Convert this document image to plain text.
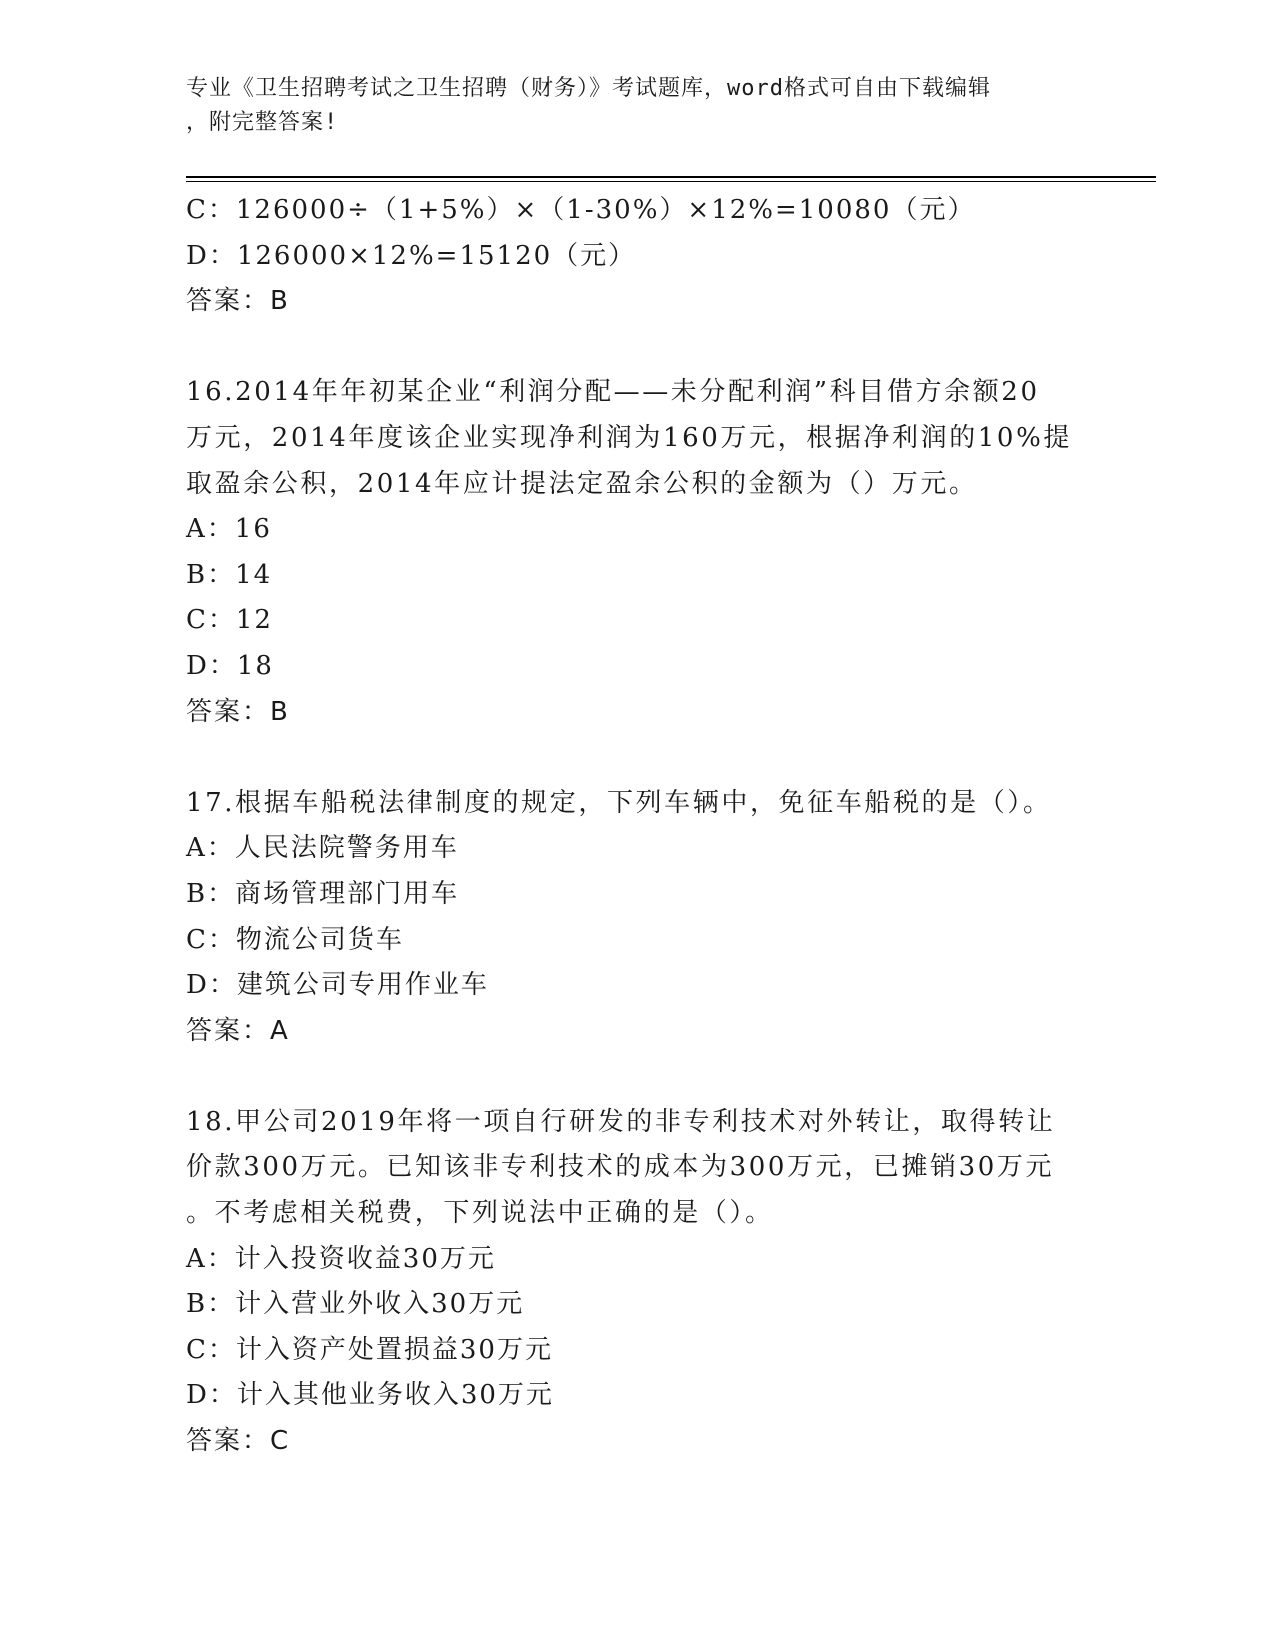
专业《卫生招聘考试之卫生招聘（财务）》考试题库，word格式可自由下载编辑
，附完整答案!
C：126000÷（1+5%）×（1-30%）×12%=10080（元）
D：126000×12%=15120（元）
答案：B
16.2014年年初某企业“利润分配——未分配利润”科目借方余额20
万元，2014年度该企业实现净利润为160万元，根据净利润的10%提
取盈余公积，2014年应计提法定盈余公积的金额为（）万元。
A：16
B：14
C：12
D：18
答案：B
17.根据车船税法律制度的规定，下列车辆中，免征车船税的是（）。
A：人民法院警务用车
B：商场管理部门用车
C：物流公司货车
D：建筑公司专用作业车
答案：A
18.甲公司2019年将一项自行研发的非专利技术对外转让，取得转让
价款300万元。已知该非专利技术的成本为300万元，已摊销30万元
。不考虑相关税费，下列说法中正确的是（）。
A：计入投资收益30万元
B：计入营业外收入30万元
C：计入资产处置损益30万元
D：计入其他业务收入30万元
答案：C
